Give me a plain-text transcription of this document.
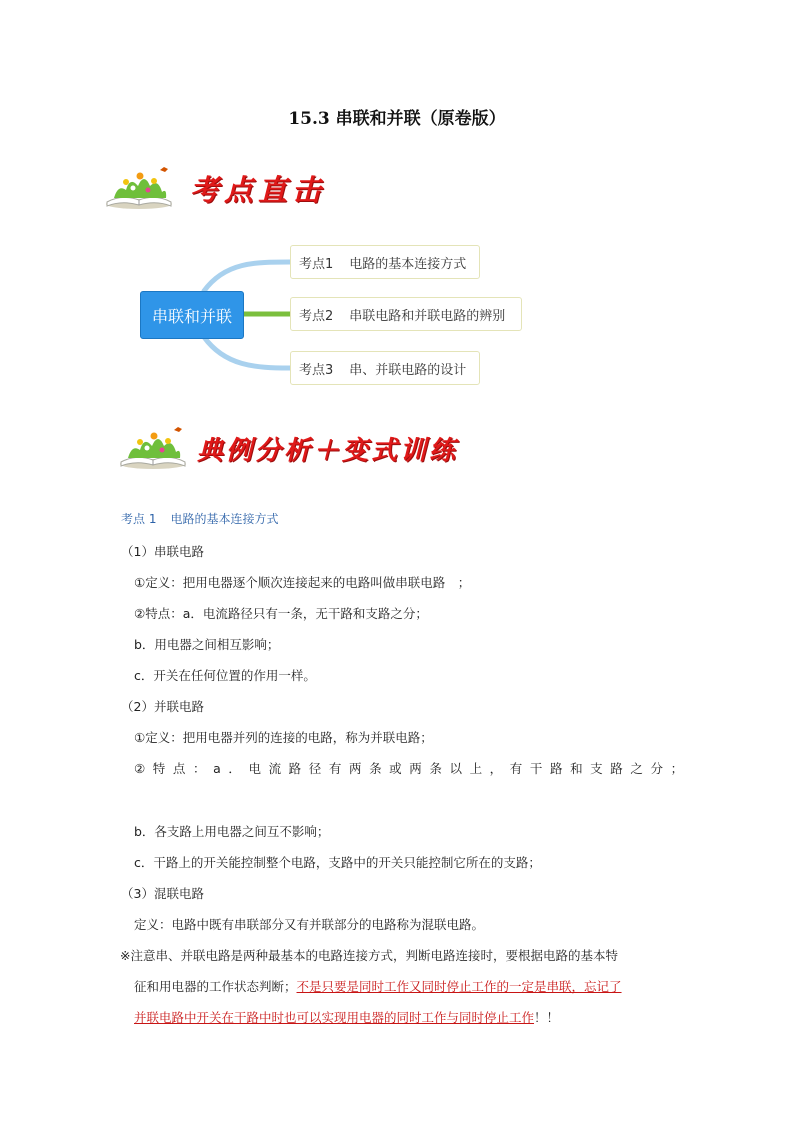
15.3 串联和并联（原卷版）
考点直击
串联和并联
考点1 电路的基本连接方式
考点2 串联电路和并联电路的辨别
考点3 串、并联电路的设计
典例分析＋变式训练
考点 1 电路的基本连接方式
（1）串联电路
①定义：把用电器逐个顺次连接起来的电路叫做串联电路　；
②特点：a．电流路径只有一条，无干路和支路之分；
b．用电器之间相互影响；
c．开关在任何位置的作用一样。
（2）并联电路
①定义：把用电器并列的连接的电路，称为并联电路；
②特点：a．电流路径有两条或两条以上，有干路和支路之分；
b．各支路上用电器之间互不影响；
c．干路上的开关能控制整个电路，支路中的开关只能控制它所在的支路；
（3）混联电路
定义：电路中既有串联部分又有并联部分的电路称为混联电路。
※注意串、并联电路是两种最基本的电路连接方式，判断电路连接时，要根据电路的基本特
征和用电器的工作状态判断；不是只要是同时工作又同时停止工作的一定是串联，忘记了
并联电路中开关在干路中时也可以实现用电器的同时工作与同时停止工作！！
